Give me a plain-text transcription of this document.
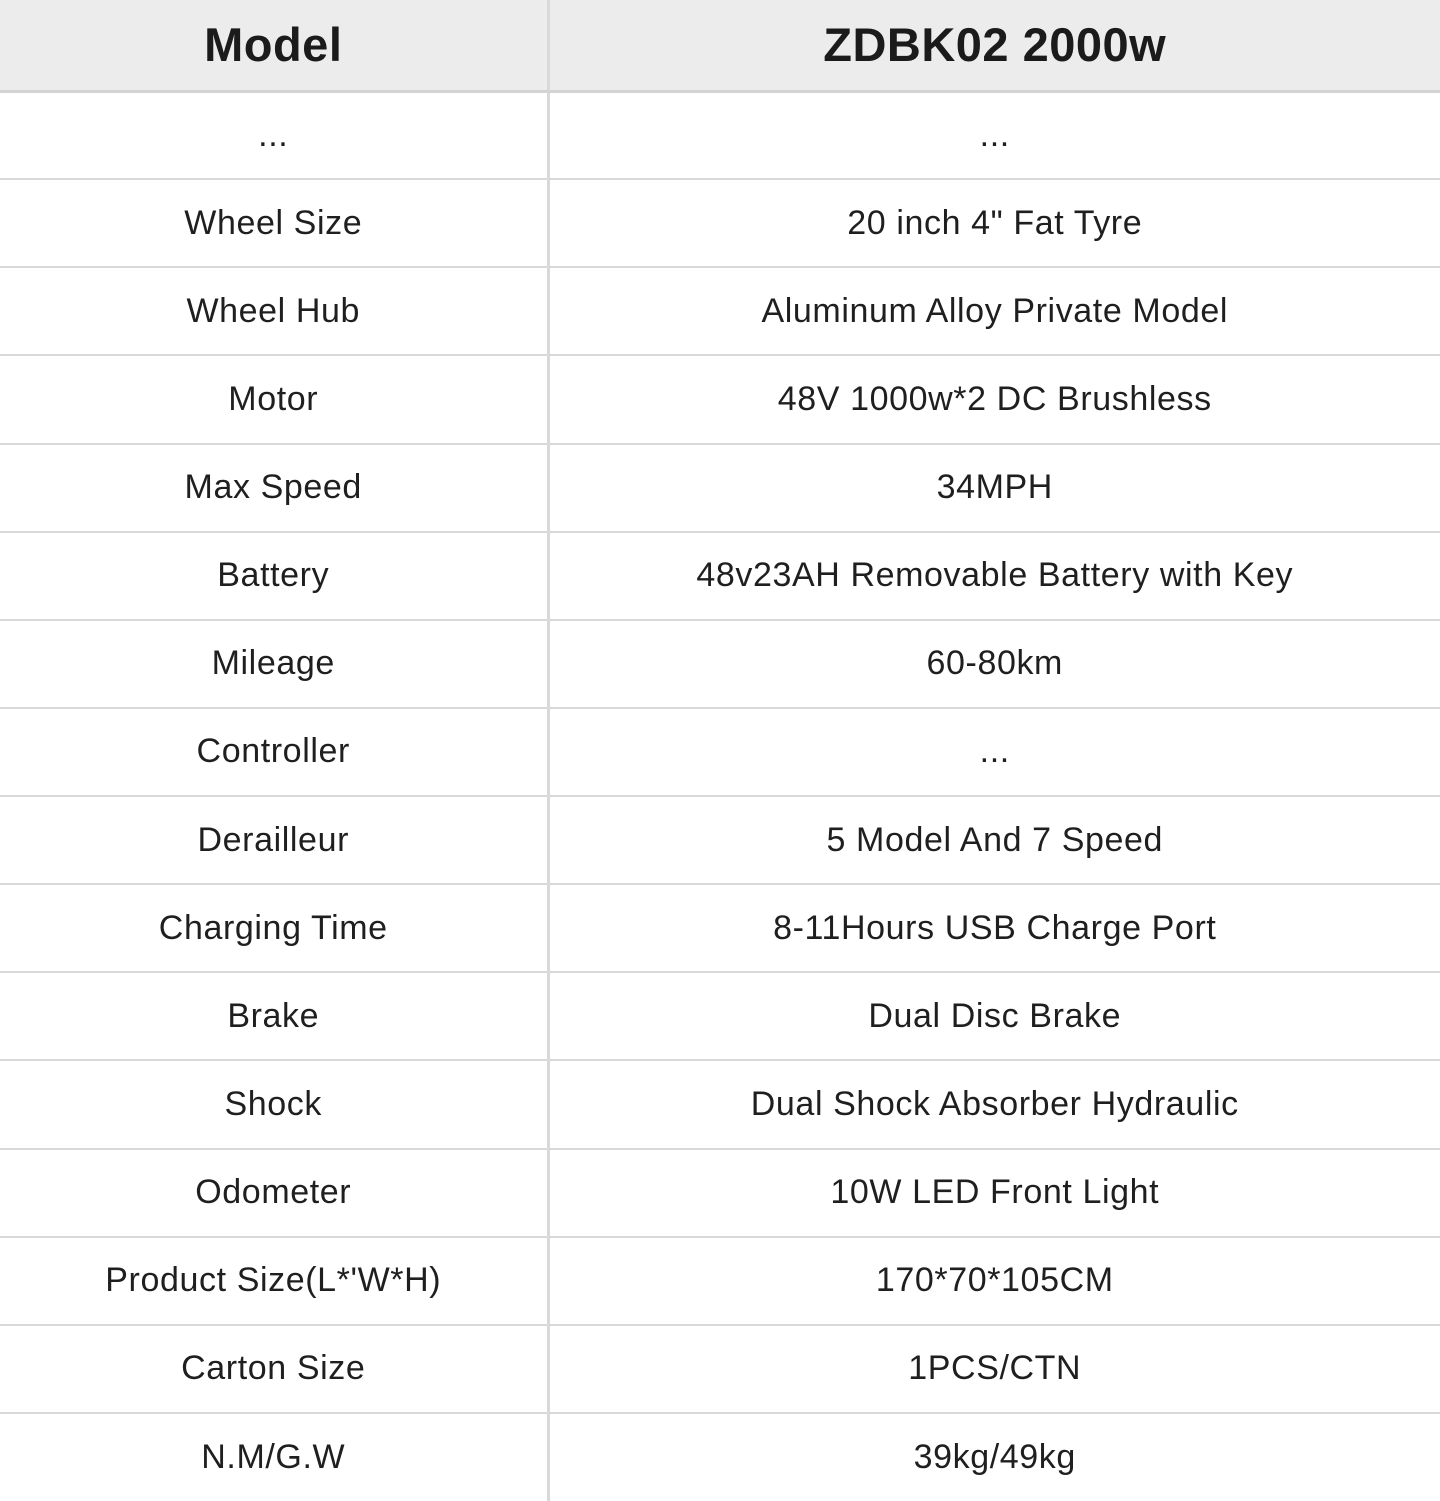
Model	ZDBK02 2000w
...	...
Wheel Size	20 inch 4" Fat Tyre
Wheel Hub	Aluminum Alloy Private Model
Motor	48V 1000w*2 DC Brushless
Max Speed	34MPH
Battery	48v23AH Removable Battery with Key
Mileage	60-80km
Controller	...
Derailleur	5 Model And 7 Speed
Charging Time	8-11Hours USB Charge Port
Brake	Dual Disc Brake
Shock	Dual Shock Absorber Hydraulic
Odometer	10W LED Front Light
Product Size(L*'W*H)	170*70*105CM
Carton Size	1PCS/CTN
N.M/G.W	39kg/49kg
